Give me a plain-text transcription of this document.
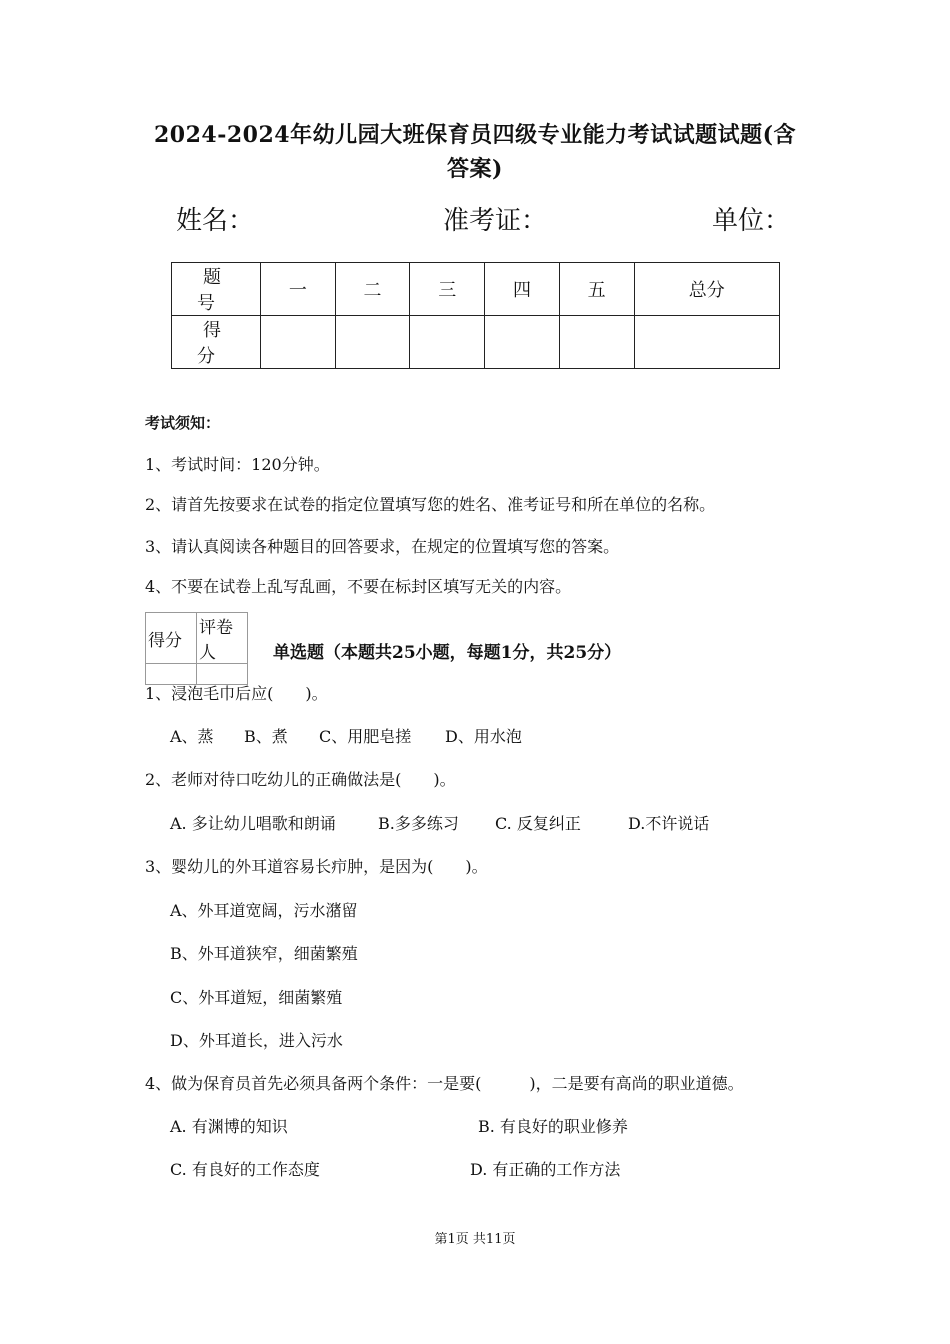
2024-2024年幼儿园大班保育员四级专业能力考试试题试题(含答案)
姓名：	准考证：	单位：
题　号	一	二	三	四	五	总分
得　分						
考试须知：
1、考试时间：120分钟。
2、请首先按要求在试卷的指定位置填写您的姓名、准考证号和所在单位的名称。
3、请认真阅读各种题目的回答要求，在规定的位置填写您的答案。
4、不要在试卷上乱写乱画，不要在标封区填写无关的内容。
得分	评卷人
		单选题（本题共25小题，每题1分，共25分）
1、浸泡毛巾后应(　　)。
A、蒸 B、煮 C、用肥皂搓 D、用水泡
2、老师对待口吃幼儿的正确做法是(　　)。
A. 多让幼儿唱歌和朗诵	B.多多练习 C. 反复纠正	D.不许说话
3、婴幼儿的外耳道容易长疖肿，是因为(　　)。
A、外耳道宽阔，污水潴留
B、外耳道狭窄，细菌繁殖
C、外耳道短，细菌繁殖
D、外耳道长，进入污水
4、做为保育员首先必须具备两个条件：一是要(　　　)，二是要有高尚的职业道德。
A. 有渊博的知识	B. 有良好的职业修养
C. 有良好的工作态度	D. 有正确的工作方法
第1页 共11页
